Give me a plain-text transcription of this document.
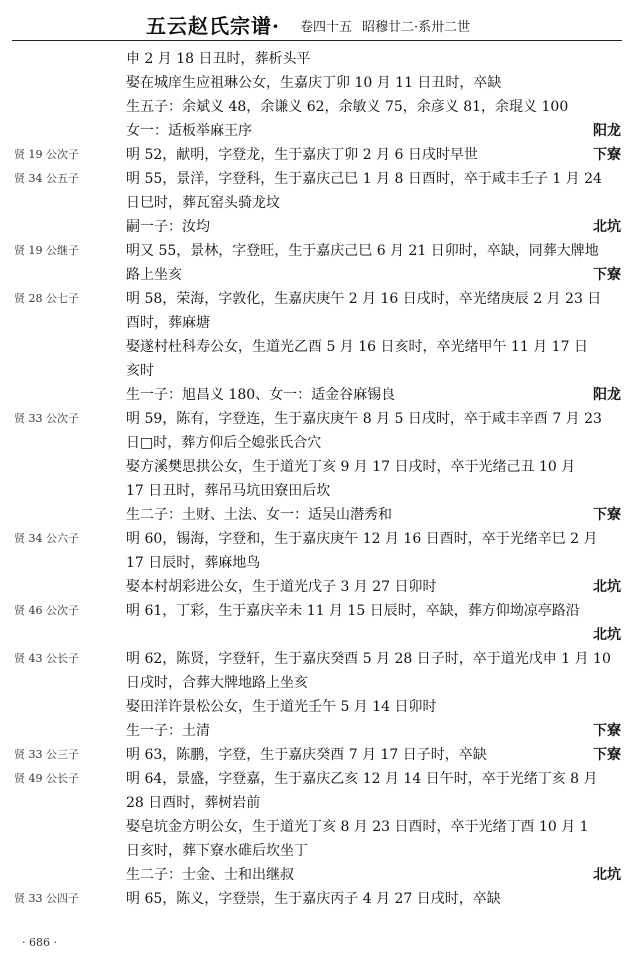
五云赵氏宗谱· 卷四十五 昭穆廿二·系卅二世
申 2 月 18 日丑时，葬析头平
娶在城庠生应祖琳公女，生嘉庆丁卯 10 月 11 日丑时，卒缺
生五子：余斌义 48，余谦义 62，余敏义 75，余彦义 81，余琨义 100
女一：适板举麻王序	阳龙
贤 19 公次子	明 52，献明，字登龙，生于嘉庆丁卯 2 月 6 日戌时早世	下寮
贤 34 公五子	明 55，景洋，字登科，生于嘉庆己巳 1 月 8 日酉时，卒于咸丰壬子 1 月 24
日巳时，葬瓦窑头骑龙坟
嗣一子：汝均	北坑
贤 19 公继子	明又 55，景林，字登旺，生于嘉庆己巳 6 月 21 日卯时，卒缺，同葬大牌地
路上坐亥	下寮
贤 28 公七子	明 58，荣海，字敦化，生嘉庆庚午 2 月 16 日戌时，卒光绪庚辰 2 月 23 日
酉时，葬麻塘
娶遂村杜科寿公女，生道光乙酉 5 月 16 日亥时，卒光绪甲午 11 月 17 日
亥时
生一子：旭昌义 180、女一：适金谷麻锡良	阳龙
贤 33 公次子	明 59，陈有，字登连，生于嘉庆庚午 8 月 5 日戌时，卒于咸丰辛酉 7 月 23
日□时，葬方仰后仝媳张氏合穴
娶方溪樊思拱公女，生于道光丁亥 9 月 17 日戌时，卒于光绪己丑 10 月
17 日丑时，葬吊马坑田寮田后坎
生二子：土财、土法、女一：适吴山潜秀和	下寮
贤 34 公六子	明 60，锡海，字登和，生于嘉庆庚午 12 月 16 日酉时，卒于光绪辛巳 2 月
17 日辰时，葬麻地鸟
娶本村胡彩进公女，生于道光戊子 3 月 27 日卯时	北坑
贤 46 公次子	明 61，丁彩，生于嘉庆辛未 11 月 15 日辰时，卒缺，葬方仰坳凉亭路沿
北坑
贤 43 公长子	明 62，陈贤，字登轩，生于嘉庆癸酉 5 月 28 日子时，卒于道光戊申 1 月 10
日戌时，合葬大牌地路上坐亥
娶田洋许景松公女，生于道光壬午 5 月 14 日卯时
生一子：土清	下寮
贤 33 公三子	明 63，陈鹏，字登，生于嘉庆癸酉 7 月 17 日子时，卒缺	下寮
贤 49 公长子	明 64，景盛，字登嘉，生于嘉庆乙亥 12 月 14 日午时，卒于光绪丁亥 8 月
28 日酉时，葬树岩前
娶皂坑金方明公女，生于道光丁亥 8 月 23 日酉时，卒于光绪丁酉 10 月 1
日亥时，葬下寮水碓后坎坐丁
生二子：士金、士和出继叔	北坑
贤 33 公四子	明 65，陈义，字登崇，生于嘉庆丙子 4 月 27 日戌时，卒缺
· 686 ·
